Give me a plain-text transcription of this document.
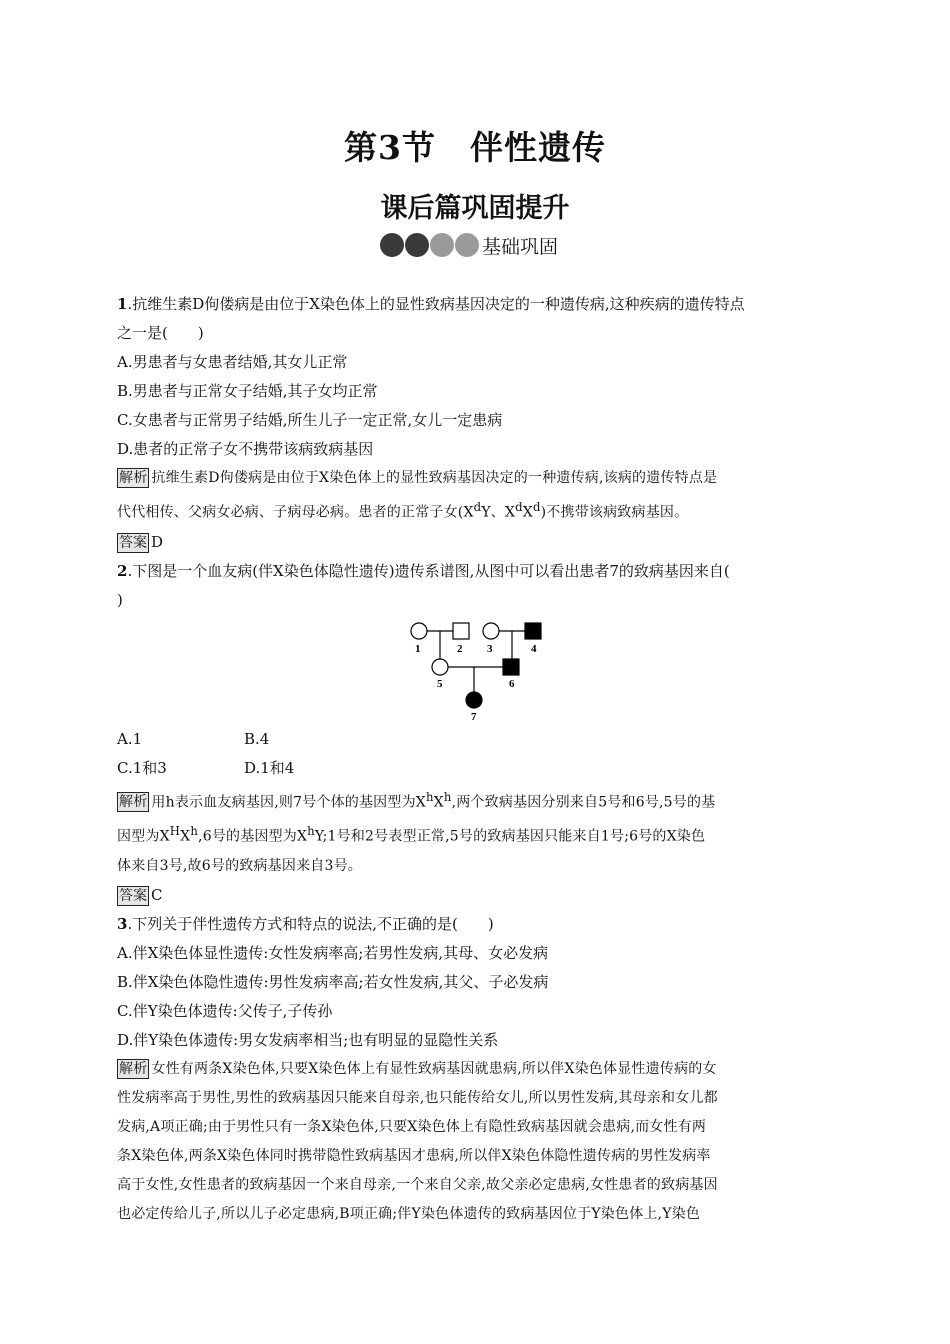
第3节　伴性遗传
课后篇巩固提升
基础巩固

1.抗维生素D佝偻病是由位于X染色体上的显性致病基因决定的一种遗传病,这种疾病的遗传特点

之一是(　　)

A.男患者与女患者结婚,其女儿正常

B.男患者与正常女子结婚,其子女均正常

C.女患者与正常男子结婚,所生儿子一定正常,女儿一定患病

D.患者的正常子女不携带该病致病基因

解析 抗维生素D佝偻病是由位于X染色体上的显性致病基因决定的一种遗传病,该病的遗传特点是

代代相传、父病女必病、子病母必病。患者的正常子女($X^dY$、$X^dX^d$)不携带该病致病基因。

答案 D

2.下图是一个血友病(伴X染色体隐性遗传)遗传系谱图,从图中可以看出患者7的致病基因来自(

)

1	2 3	4
5	6
7

A.1	B.4

C.1和3	D.1和4

解析 用h表示血友病基因,则7号个体的基因型为$X^hX^h$,两个致病基因分别来自5号和6号,5号的基

因型为$X^HX^h,6$号的基因型为$X^hY;1$号和2号表型正常,5号的致病基因只能来自1号;6号的X染色

体来自3号,故6号的致病基因来自3号。

答案 C

3.下列关于伴性遗传方式和特点的说法,不正确的是(　　)

A.伴X染色体显性遗传:女性发病率高;若男性发病,其母、女必发病

B.伴X染色体隐性遗传:男性发病率高;若女性发病,其父、子必发病

C.伴Y染色体遗传:父传子,子传孙

D.伴Y染色体遗传:男女发病率相当;也有明显的显隐性关系

解析 女性有两条X染色体,只要X染色体上有显性致病基因就患病,所以伴X染色体显性遗传病的女

性发病率高于男性,男性的致病基因只能来自母亲,也只能传给女儿,所以男性发病,其母亲和女儿都

发病,A项正确;由于男性只有一条X染色体,只要X染色体上有隐性致病基因就会患病,而女性有两

条X染色体,两条X染色体同时携带隐性致病基因才患病,所以伴X染色体隐性遗传病的男性发病率

高于女性,女性患者的致病基因一个来自母亲,一个来自父亲,故父亲必定患病,女性患者的致病基因

也必定传给儿子,所以儿子必定患病,B项正确;伴Y染色体遗传的致病基因位于Y染色体上,Y染色
